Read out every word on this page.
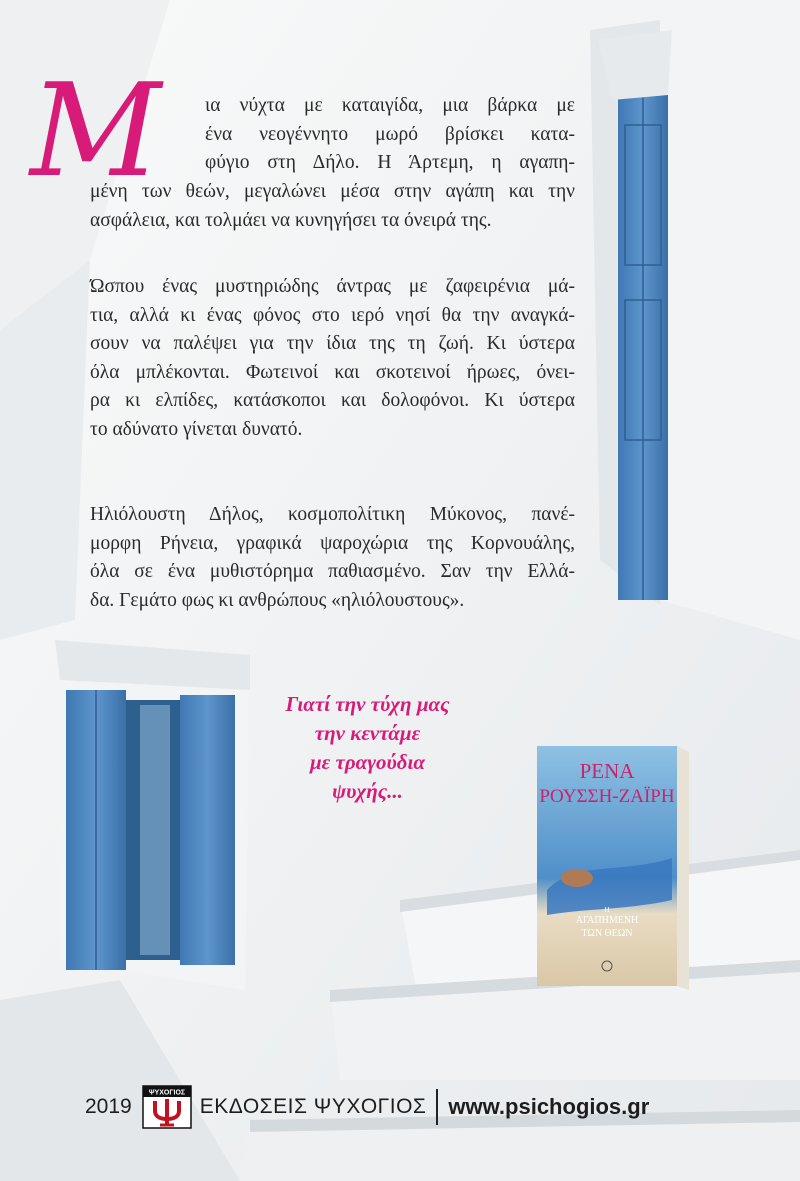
Μ ια νύχτα με καταιγίδα, μια βάρκα με
ένα νεογέννητο μωρό βρίσκει κατα-
φύγιο στη Δήλο. Η Άρτεμη, η αγαπη-
μένη των θεών, μεγαλώνει μέσα στην αγάπη και την
ασφάλεια, και τολμάει να κυνηγήσει τα όνειρά της.
Ώσπου ένας μυστηριώδης άντρας με ζαφειρένια μά-
τια, αλλά κι ένας φόνος στο ιερό νησί θα την αναγκά-
σουν να παλέψει για την ίδια της τη ζωή. Κι ύστερα
όλα μπλέκονται. Φωτεινοί και σκοτεινοί ήρωες, όνει-
ρα κι ελπίδες, κατάσκοποι και δολοφόνοι. Κι ύστερα
το αδύνατο γίνεται δυνατό.
Ηλιόλουστη Δήλος, κοσμοπολίτικη Μύκονος, πανέ-
μορφη Ρήνεια, γραφικά ψαροχώρια της Κορνουάλης,
όλα σε ένα μυθιστόρημα παθιασμένο. Σαν την Ελλά-
δα. Γεμάτο φως κι ανθρώπους «ηλιόλουστους».
Γιατί την τύχη μας
την κεντάμε
με τραγούδια
ψυχής...
ΡΕΝΑ
ΡΟΥΣΣΗ-ΖΑΪΡΗ
Η
ΑΓΑΠΗΜΕΝΗ
ΤΩΝ ΘΕΩΝ
2019
ΨΥΧΟΓΙΟΣ
ΕΚΔΟΣΕΙΣ ΨΥΧΟΓΙΟΣ www.psichogios.gr
